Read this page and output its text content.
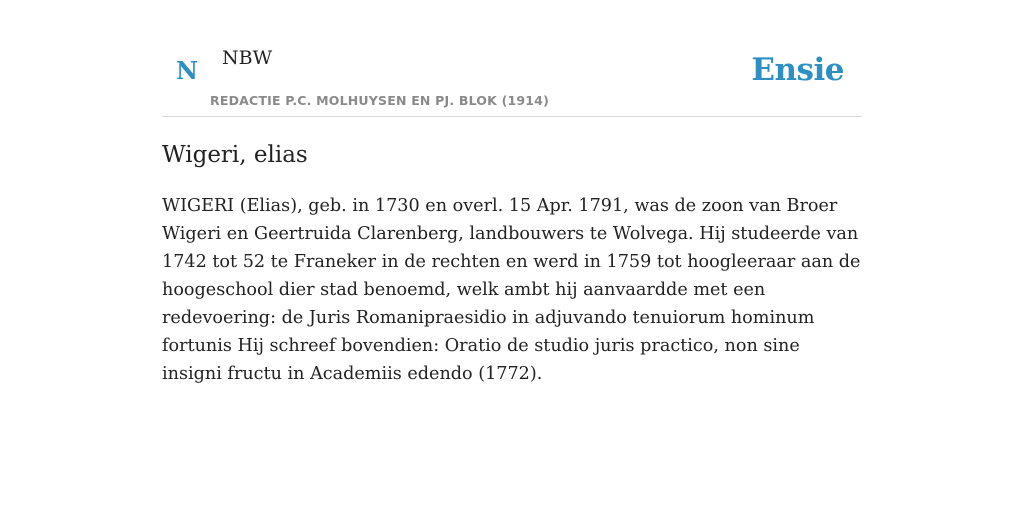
N NBW
REDACTIE P.C. MOLHUYSEN EN PJ. BLOK (1914)
Ensie
Wigeri, elias

WIGERI (Elias), geb. in 1730 en overl. 15 Apr. 1791, was de zoon van Broer Wigeri en Geertruida Clarenberg, landbouwers te Wolvega. Hij studeerde van 1742 tot 52 te Franeker in de rechten en werd in 1759 tot hoogleeraar aan de hoogeschool dier stad benoemd, welk ambt hij aanvaardde met een redevoering: de Juris Romanipraesidio in adjuvando tenuiorum hominum fortunis Hij schreef bovendien: Oratio de studio juris practico, non sine insigni fructu in Academiis edendo (1772).
